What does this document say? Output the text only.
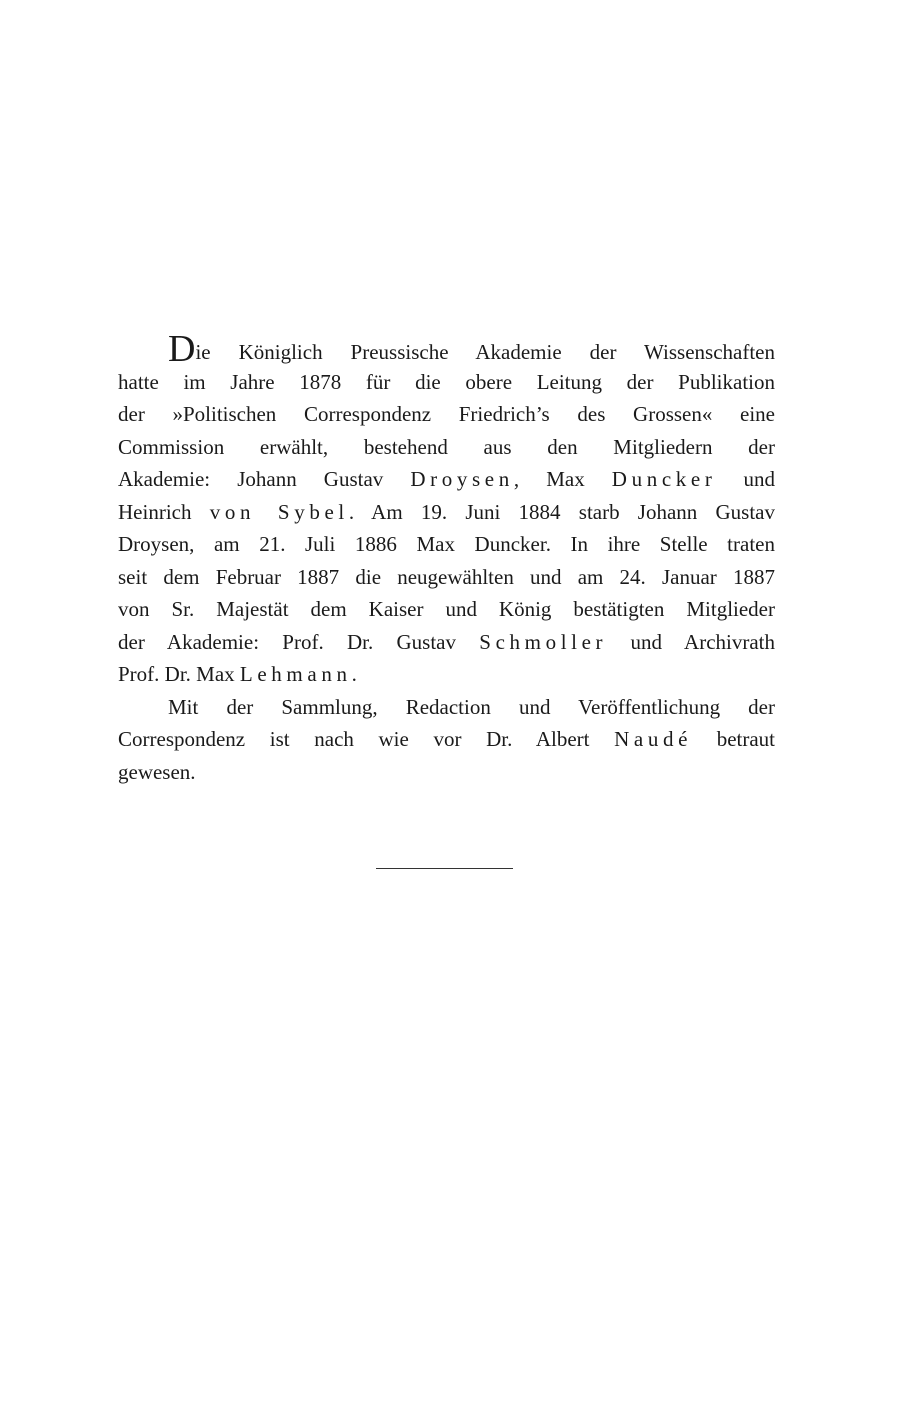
Die Königlich Preussische Akademie der Wissenschaften
hatte im Jahre 1878 für die obere Leitung der Publikation
der »Politischen Correspondenz Friedrich’s des Grossen« eine
Commission erwählt, bestehend aus den Mitgliedern der
Akademie: Johann Gustav Droysen, Max Duncker und
Heinrich von Sybel. Am 19. Juni 1884 starb Johann Gustav
Droysen, am 21. Juli 1886 Max Duncker. In ihre Stelle traten
seit dem Februar 1887 die neugewählten und am 24. Januar 1887
von Sr. Majestät dem Kaiser und König bestätigten Mitglieder
der Akademie: Prof. Dr. Gustav Schmoller und Archivrath
Prof. Dr. Max Lehmann.
Mit der Sammlung, Redaction und Veröffentlichung der
Correspondenz ist nach wie vor Dr. Albert Naudé betraut
gewesen.
